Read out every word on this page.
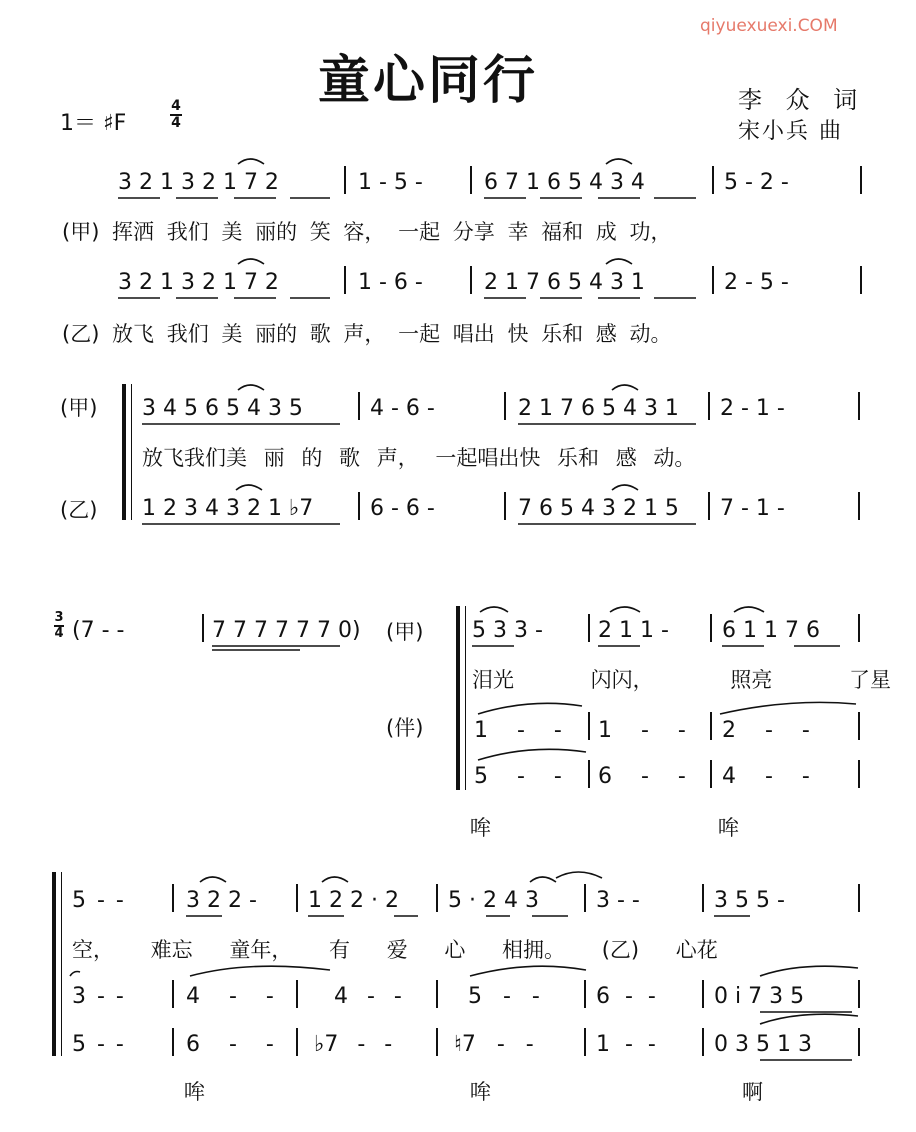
qiyuexuexi.COM
童心同行
1＝ ♯F
4
4
李 众 词
宋小兵 曲
3 2 1 3 2 1 7 2	1 - 5 -	6 7 1 6 5 4 3 4	5 - 2 -
(甲) 挥洒 我们 美 丽的 笑 容， 一起 分享 幸 福和 成 功，
3 2 1 3 2 1 7 2	1 - 6 -	2 1 7 6 5 4 3 1	2 - 5 -
(乙) 放飞 我们 美 丽的 歌 声， 一起 唱出 快 乐和 感 动。
(甲) 3 4 5 6 5 4 3 5	4 - 6 -	2 1 7 6 5 4 3 1 2 - 1 -
放飞我们美 丽 的 歌 声， 一起唱出快 乐和 感 动。
(乙) 1 2 3 4 3 2 1 ♭7	6 - 6 -	7 6 5 4 3 2 1 5 7 - 1 -
3
4 (7 - -	7 7 7 7 7 7 0) (甲) 5 3 3 -	2 1 1 - 6 1 1 7 6
泪光 闪闪， 照亮 了星
(伴) 1 - - 1 - - 2 - -
5 - - 6 - - 4 - -
哞	哞
5 - -	3 2 2 - 1 2 2 · 2 5 · 2 4 3	3 - -	3 5 5 -
空， 难忘 童年， 有 爱 心 相拥。 (乙) 心花
3 - -	4 - -	4 - -	5 - -	6 - -	0 i 7 3 5
5 - -	6 - - ♭7 - -	♮7 - -	1 - -	0 3 5 1 3
哞	哞	啊
